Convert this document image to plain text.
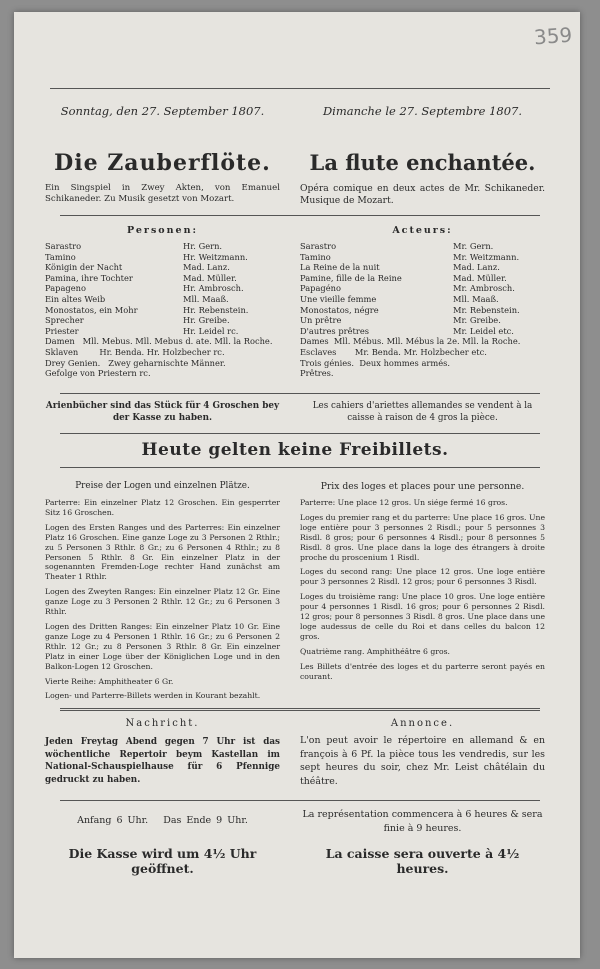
359
Sonntag, den 27. September 1807.	Dimanche le 27. Septembre 1807.
Die Zauberflöte.	La flute enchantée.
Ein Singspiel in Zwey Akten, von Emanuel Schikaneder. Zu Musik gesetzt von Mozart.
Opéra comique en deux actes de Mr. Schikaneder. Musique de Mozart.
Personen:	Acteurs:
Sarastro	Hr. Gern.
Tamino	Hr. Weitzmann.
Königin der Nacht	Mad. Lanz.
Pamina, ihre Tochter	Mad. Müller.
Papageno	Hr. Ambrosch.
Ein altes Weib	Mll. Maaß.
Monostatos, ein Mohr	Hr. Rebenstein.
Sprecher	Hr. Greibe.
Priester	Hr. Leidel rc.
Damen   Mll. Mebus. Mll. Mebus d. ate. Mll. la Roche.
Sklaven        Hr. Benda. Hr. Holzbecher rc.
Drey Genien.   Zwey geharnischte Männer.
Gefolge von Priestern rc.
Sarastro	Mr. Gern.
Tamino	Mr. Weitzmann.
La Reine de la nuit	Mad. Lanz.
Pamine, fille de la Reine	Mad. Müller.
Papagéno	Mr. Ambrosch.
Une vieille femme	Mll. Maaß.
Monostatos, négre	Mr. Rebenstein.
Un prêtre	Mr. Greibe.
D'autres prêtres	Mr. Leidel etc.
Dames  Mll. Mébus. Mll. Mébus la 2e. Mll. la Roche.
Esclaves       Mr. Benda. Mr. Holzbecher etc.
Trois génies.  Deux hommes armés.
Prêtres.
Arienbücher sind das Stück für 4 Groschen bey der Kasse zu haben.
Les cahiers d'ariettes allemandes se vendent à la caisse à raison de 4 gros la pièce.
Heute gelten keine Freibillets.
Preise der Logen und einzelnen Plätze.	Prix des loges et places pour une personne.

Parterre: Ein einzelner Platz 12 Groschen. Ein gesperrter Sitz 16 Groschen.

Logen des Ersten Ranges und des Parterres: Ein einzelner Platz 16 Groschen. Eine ganze Loge zu 3 Personen 2 Rthlr.; zu 5 Personen 3 Rthlr. 8 Gr.; zu 6 Personen 4 Rthlr.; zu 8 Personen 5 Rthlr. 8 Gr. Ein einzelner Platz in der sogenannten Fremden-Loge rechter Hand zunächst am Theater 1 Rthlr.

Logen des Zweyten Ranges: Ein einzelner Platz 12 Gr. Eine ganze Loge zu 3 Personen 2 Rthlr. 12 Gr.; zu 6 Personen 3 Rthlr.

Logen des Dritten Ranges: Ein einzelner Platz 10 Gr. Eine ganze Loge zu 4 Personen 1 Rthlr. 16 Gr.; zu 6 Personen 2 Rthlr. 12 Gr.; zu 8 Personen 3 Rthlr. 8 Gr. Ein einzelner Platz in einer Loge über der Königlichen Loge und in den Balkon-Logen 12 Groschen.

Vierte Reihe: Amphitheater 6 Gr.

Logen- und Parterre-Billets werden in Kourant bezahlt.

Parterre: Une place 12 gros. Un siége fermé 16 gros.

Loges du premier rang et du parterre: Une place 16 gros. Une loge entière pour 3 personnes 2 Risdl.; pour 5 personnes 3 Risdl. 8 gros; pour 6 personnes 4 Risdl.; pour 8 personnes 5 Risdl. 8 gros. Une place dans la loge des étrangers à droite proche du proscenium 1 Risdl.

Loges du second rang: Une place 12 gros. Une loge entière pour 3 personnes 2 Risdl. 12 gros; pour 6 personnes 3 Risdl.

Loges du troisième rang: Une place 10 gros. Une loge entière pour 4 personnes 1 Risdl. 16 gros; pour 6 personnes 2 Risdl. 12 gros; pour 8 personnes 3 Risdl. 8 gros. Une place dans une loge audessus de celle du Roi et dans celles du balcon 12 gros.

Quatrième rang. Amphithéâtre 6 gros.

Les Billets d'entrée des loges et du parterre seront payés en courant.

Nachricht.	Annonce.
Jeden Freytag Abend gegen 7 Uhr ist das wöchentliche Repertoir beym Kastellan im National-Schauspielhause für 6 Pfennige gedruckt zu haben.
L'on peut avoir le répertoire en allemand & en françois à 6 Pf. la pièce tous les vendredis, sur les sept heures du soir, chez Mr. Leist châtélain du théâtre.
Anfang 6 Uhr. Das Ende 9 Uhr.
La représentation commencera à 6 heures & sera finie à 9 heures.
Die Kasse wird um 4½ Uhr geöffnet.
La caisse sera ouverte à 4½ heures.
